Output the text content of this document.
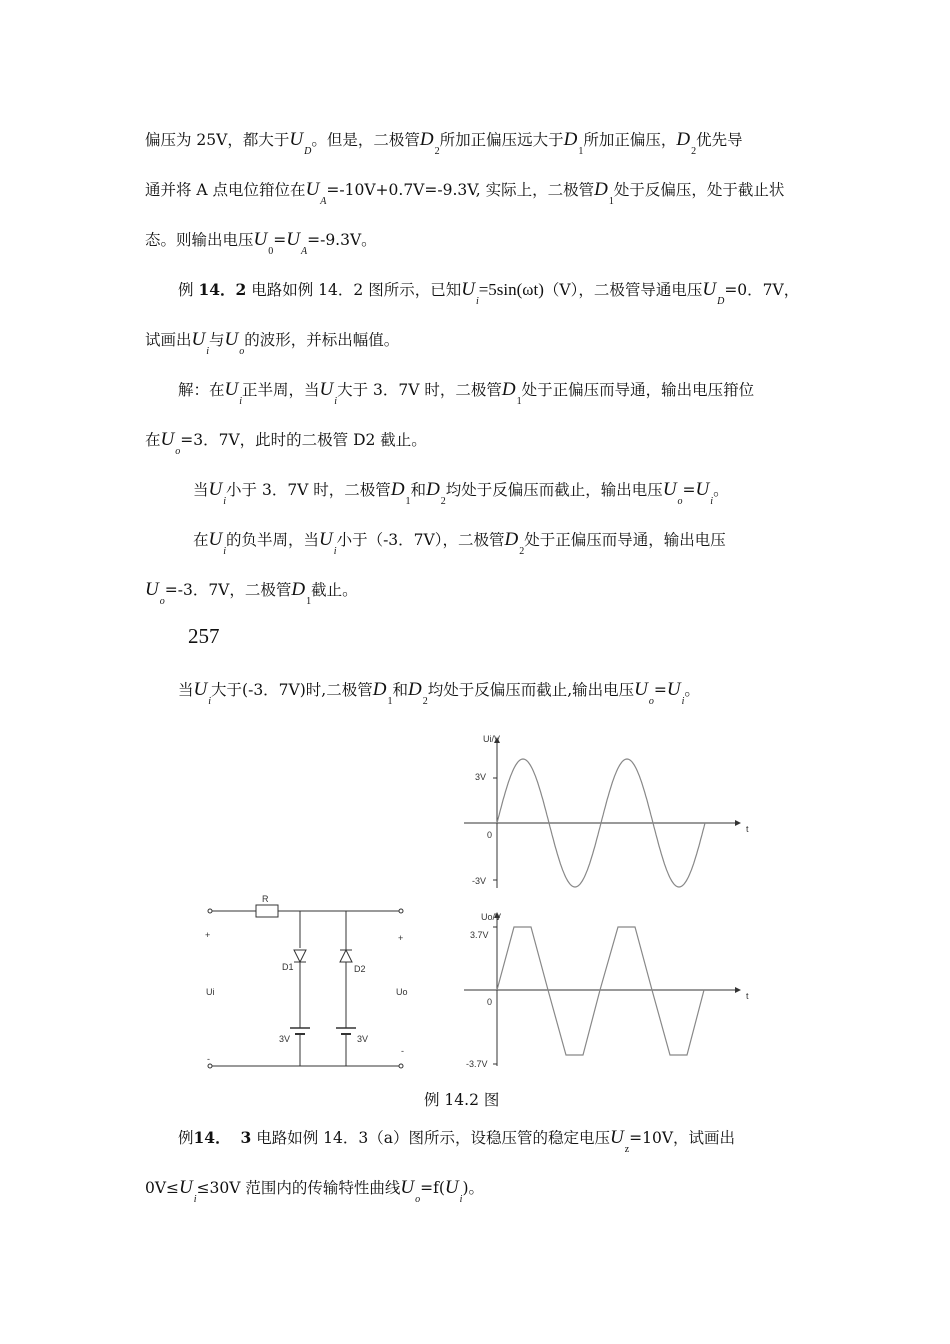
偏压为 25V，都大于$U_D$。但是，二极管$D_2$所加正偏压远大于$D_1$所加正偏压，$D_2$优先导
通并将 A 点电位箝位在$U_A=-10V+0.7V=-9.3V$, 实际上，二极管$D_1$处于反偏压，处于截止状
态。则输出电压$U_0=U_A=-9.3V$。
例 14．2 电路如例 14．2 图所示，已知$U_i=5\sin(\omega t)(V)$，二极管导通电压$U_D=0$．7V，
试画出$U_i$与$U_o$的波形，并标出幅值。
解：在$U_i$正半周，当$U_i$大于 3．7V 时，二极管$D_1$处于正偏压而导通，输出电压箝位
在$U_o=3$．7V，此时的二极管 D2 截止。
当$U_i$小于 3．7V 时，二极管$D_1$和$D_2$均处于反偏压而截止，输出电压$U_o=U_i$。
在$U_i$的负半周，当$U_i$小于（-3．7V），二极管$D_2$处于正偏压而导通，输出电压
$U_o=-3$．7V，二极管$D_1$截止。
257
当$U_i$大于(-3．7V)时,二极管$D_1$和$D_2$均处于反偏压而截止,输出电压$U_o=U_i$。
R
D1	D2
+	+
-
-
Ui	Uo
3V	3V
Ui/V
3V
0
-3V
t
Uo/V
3.7V
0
-3.7V
t
例 14.2 图
例14． 3 电路如例 14．3（a）图所示，设稳压管的稳定电压$U_z=10V$，试画出
$0V\le U_i\le 30V$ 范围内的传输特性曲线$U_o=f(U_i)$。
